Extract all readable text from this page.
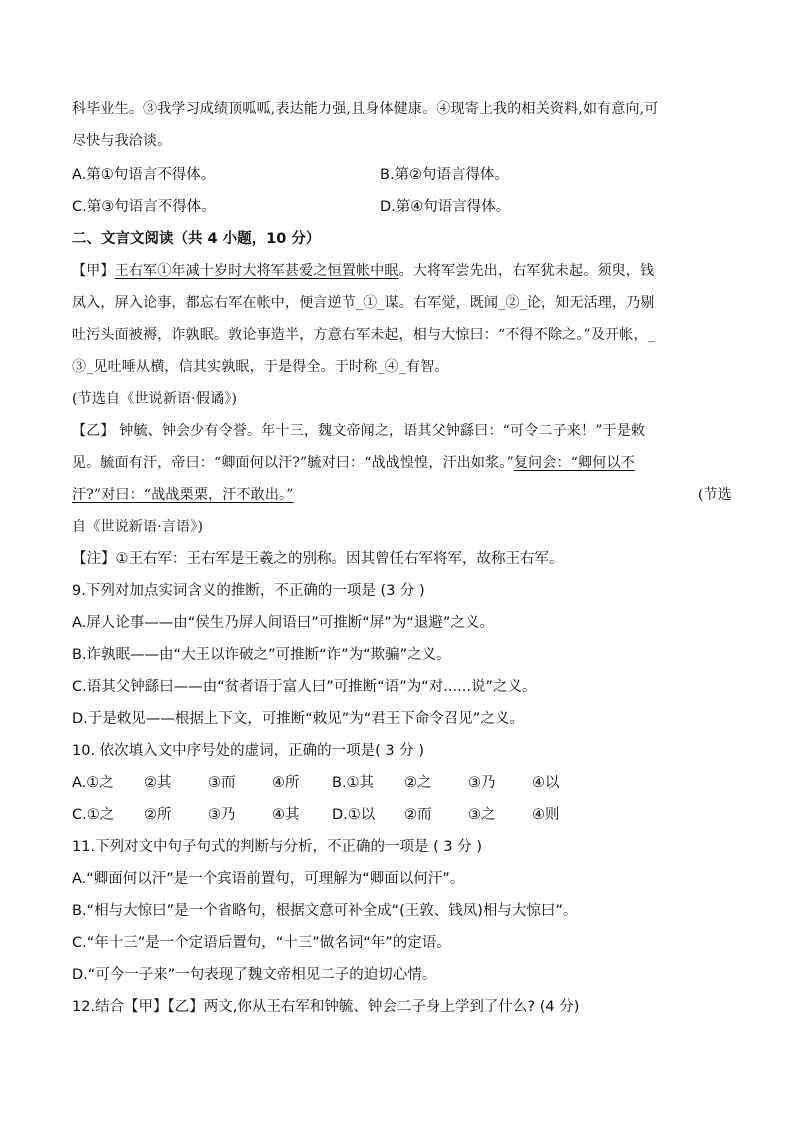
科毕业生。③我学习成绩顶呱呱,表达能力强,且身体健康。④现寄上我的相关资料,如有意向,可
尽快与我洽谈。
A.第①句语言不得体。	B.第②句语言得体。
C.第③句语言不得体。	D.第④句语言得体。
二、文言文阅读（共 4 小题，10 分）
【甲】王右军①年减十岁时大将军甚爱之恒置帐中眠。大将军尝先出，右军犹未起。须臾，钱
凤入，屏入论事，都忘右军在帐中，便言逆节_①_谋。右军觉，既闻_②_论，知无活理，乃剔
吐污头面被褥，诈孰眠。敦论事造半，方意右军未起，相与大惊曰：“不得不除之。”及开帐，_
③_见吐唾从横，信其实孰眠，于是得全。于时称_④_有智。
(节选自《世说新语·假谲》)
【乙】 钟毓、钟会少有令誉。年十三，魏文帝闻之，语其父钟繇曰：“可令二子来！”于是敕
见。毓面有汗，帝曰：“卿面何以汗?”毓对曰：“战战惶惶，汗出如浆。”复问会：“卿何以不
汗?”对曰：“战战栗栗，汗不敢出。”	(节选
自《世说新语·言语》)
【注】①王右军：王右军是王羲之的别称。因其曾任右军将军，故称王右军。
9.下列对加点实词含义的推断，不正确的一项是 (3 分 )
A.屏人论事——由“侯生乃屏人间语曰”可推断“屏”为“退避”之义。
B.诈孰眠——由“大王以诈破之”可推断“诈”为“欺骗”之义。
C.语其父钟繇曰——由“贫者语于富人曰”可推断“语”为“对......说”之义。
D.于是敕见——根据上下文，可推断“敕见”为“君王下命令召见”之义。
10. 依次填入文中序号处的虚词，正确的一项是( 3 分 )
A.①之 ②其	③而	④所 B.①其 ②之	③乃	④以
C.①之 ②所	③乃	④其 D.①以 ②而	③之	④则
11.下列对文中句子句式的判断与分析，不正确的一项是 ( 3 分 )
A.“卿面何以汗”是一个宾语前置句，可理解为“卿面以何汗”。
B.“相与大惊曰”是一个省略句，根据文意可补全成“(王敦、钱凤)相与大惊曰”。
C.“年十三”是一个定语后置句，“十三”做名词“年”的定语。
D.“可今一子来”一句表现了魏文帝相见二子的迫切心情。
12.结合【甲】【乙】两文,你从王右军和钟毓、钟会二子身上学到了什么? (4 分)
